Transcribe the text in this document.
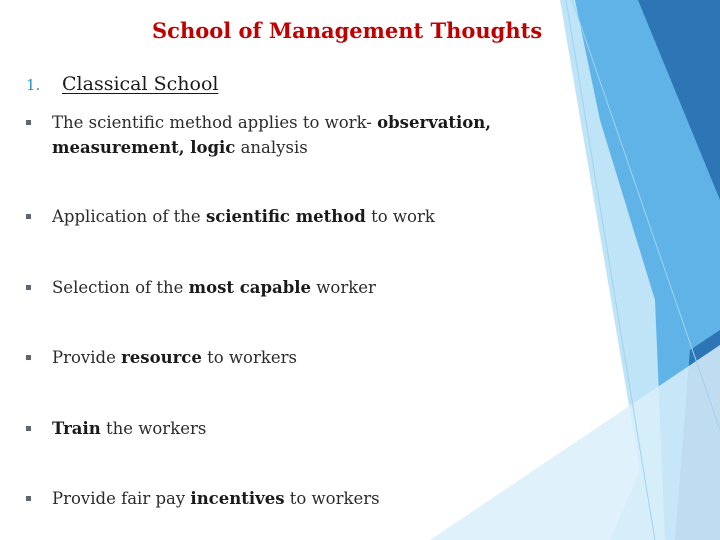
School of Management Thoughts
1. Classical School
The scientific method applies to work- observation, measurement, logic analysis
Application of the scientific method to work
Selection of the most capable worker
Provide resource to workers
Train the workers
Provide fair pay incentives to workers
